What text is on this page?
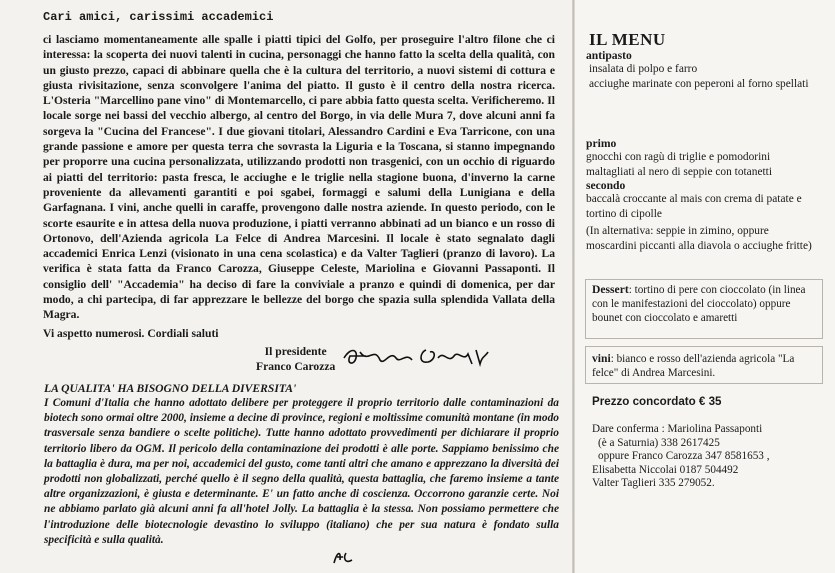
Cari amici, carissimi accademici

ci lasciamo momentaneamente alle spalle i piatti tipici del Golfo, per proseguire l'altro filone che ci interessa: la scoperta dei nuovi talenti in cucina, personaggi che hanno fatto la scelta della qualità, con un giusto prezzo, capaci di abbinare quella che è la cultura del territorio, a nuovi sistemi di cottura e giusta rivisitazione, senza sconvolgere l'anima del piatto. Il gusto è il centro della nostra ricerca. L'Osteria "Marcellino pane vino" di Montemarcello, ci pare abbia fatto questa scelta. Verificheremo. Il locale sorge nei bassi del vecchio albergo, al centro del Borgo, in via delle Mura 7, dove alcuni anni fa sorgeva la "Cucina del Francese". I due giovani titolari, Alessandro Cardini e Eva Tarricone, con una grande passione e amore per questa terra che sovrasta la Liguria e la Toscana, si stanno impegnando per proporre una cucina personalizzata, utilizzando prodotti non trasgenici, con un occhio di riguardo ai piatti del territorio: pasta fresca, le acciughe e le triglie nella stagione buona, d'inverno la carne proveniente da allevamenti garantiti e poi sgabei, formaggi e salumi della Lunigiana e della Garfagnana. I vini, anche quelli in caraffe, provengono dalle nostra aziende. In questo periodo, con le scorte esaurite e in attesa della nuova produzione, i piatti verranno abbinati ad un bianco e un rosso di Ortonovo, dell'Azienda agricola La Felce di Andrea Marcesini. Il locale è stato segnalato dagli accademici Enrica Lenzi (visionato in una cena scolastica) e da Valter Taglieri (pranzo di lavoro). La verifica è stata fatta da Franco Carozza, Giuseppe Celeste, Mariolina e Giovanni Passaponti. Il consiglio dell' "Accademia" ha deciso di fare la conviviale a pranzo e quindi di domenica, per dar modo, a chi partecipa, di far apprezzare le bellezze del borgo che spazia sulla splendida Vallata della Magra.

Vi aspetto numerosi. Cordiali saluti
Il presidente
Franco Carozza
LA QUALITA' HA BISOGNO DELLA DIVERSITA'

I Comuni d'Italia che hanno adottato delibere per proteggere il proprio territorio dalle contaminazioni da biotech sono ormai oltre 2000, insieme a decine di province, regioni e moltissime comunità montane (in modo trasversale senza bandiere o scelte politiche). Tutte hanno adottato provvedimenti per dichiarare il proprio territorio libero da OGM. Il pericolo della contaminazione dei prodotti è alle porte. Sappiamo benissimo che la battaglia è dura, ma per noi, accademici del gusto, come tanti altri che amano e apprezzano la diversità dei prodotti non globalizzati, perché quello è il segno della qualità, questa battaglia, che faremo insieme a tante altre organizzazioni, è giusta e determinante. E' un fatto anche di coscienza. Occorrono garanzie certe. Noi ne abbiamo parlato già alcuni anni fa all'hotel Jolly. La battaglia è la stessa. Non possiamo permettere che l'introduzione delle biotecnologie devastino lo sviluppo (italiano) che per sua natura è fondato sulla specificità e sulla qualità.

IL MENU
antipasto
insalata di polpo e farro
acciughe marinate con peperoni al forno spellati
primo
gnocchi con ragù di triglie e pomodorini
maltagliati al nero di seppie con totanetti
secondo
baccalà croccante al mais con crema di patate e tortino di cipolle
(In alternativa: seppie in zimino, oppure moscardini piccanti alla diavola o acciughe fritte)
Dessert: tortino di pere con cioccolato (in linea con le manifestazioni del cioccolato) oppure bounet con cioccolato e amaretti
vini: bianco e rosso dell'azienda agricola "La felce" di Andrea Marcesini.
Prezzo concordato € 35
Dare conferma : Mariolina Passaponti
(è a Saturnia) 338 2617425
oppure Franco Carozza 347 8581653 ,
Elisabetta Niccolai 0187 504492
Valter Taglieri 335 279052.
